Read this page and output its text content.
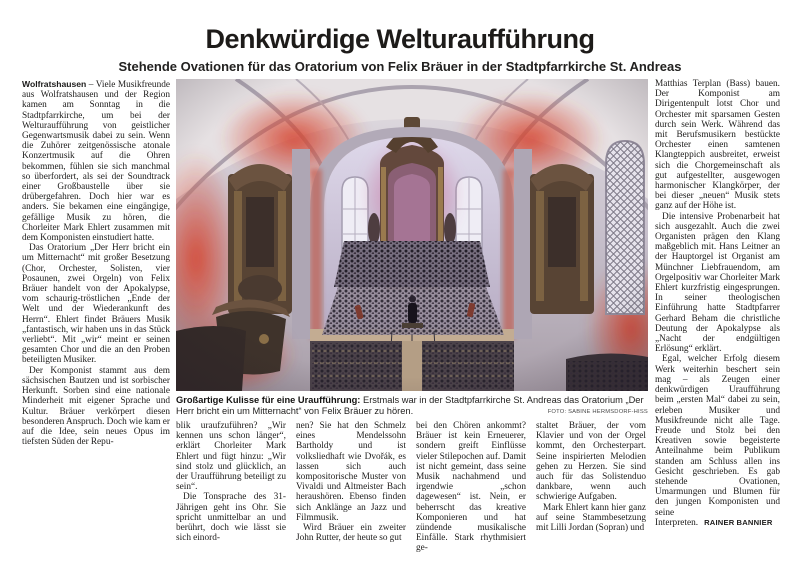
Denkwürdige Welturaufführung
Stehende Ovationen für das Oratorium von Felix Bräuer in der Stadtpfarrkirche St. Andreas

Wolfratshausen – Viele Musikfreunde aus Wolfratshausen und der Region kamen am Sonntag in die Stadtpfarrkirche, um bei der Welturaufführung von geistlicher Gegenwartsmusik dabei zu sein. Wenn die Zuhörer zeitgenössische atonale Konzertmusik auf die Ohren bekommen, fühlen sie sich manchmal so überfordert, als sei der Soundtrack einer Großbaustelle über sie drübergefahren. Doch hier war es anders. Sie bekamen eine eingängige, gefällige Musik zu hören, die Chorleiter Mark Ehlert zusammen mit dem Komponisten einstudiert hatte.

Das Oratorium „Der Herr bricht ein um Mitternacht“ mit großer Besetzung (Chor, Orchester, Solisten, vier Posaunen, zwei Orgeln) von Felix Bräuer handelt von der Apokalypse, vom schaurig-tröstlichen „Ende der Welt und der Wiederankunft des Herrn“. Ehlert findet Bräuers Musik „fantastisch, wir haben uns in das Stück verliebt“. Mit „wir“ meint er seinen gesamten Chor und die an den Proben beteiligten Musiker.

Der Komponist stammt aus dem sächsischen Bautzen und ist sorbischer Herkunft. Sorben sind eine nationale Minderheit mit eigener Sprache und Kultur. Bräuer verkörpert diesen besonderen Anspruch. Doch wie kam er auf die Idee, sein neues Opus im tiefsten Süden der Repu-

Großartige Kulisse für eine Uraufführung: Erstmals war in der Stadtpfarrkirche St. Andreas das Oratorium „Der Herr bricht ein um Mitternacht“ von Felix Bräuer zu hören.	FOTO: SABINE HERMSDORF-HISS

blik uraufzuführen? „Wir kennen uns schon länger“, erklärt Chorleiter Mark Ehlert und fügt hinzu: „Wir sind stolz und glücklich, an der Uraufführung beteiligt zu sein“.

Die Tonsprache des 31-Jährigen geht ins Ohr. Sie spricht unmittelbar an und berührt, doch wie lässt sie sich einord-

nen? Sie hat den Schmelz eines Mendelssohn Bartholdy und ist volksliedhaft wie Dvořák, es lassen sich auch kompositorische Muster von Vivaldi und Altmeister Bach heraushören. Ebenso finden sich Anklänge an Jazz und Filmmusik.

Wird Bräuer ein zweiter John Rutter, der heute so gut

bei den Chören ankommt? Bräuer ist kein Erneuerer, sondern greift Einflüsse vieler Stilepochen auf. Damit ist nicht gemeint, dass seine Musik nachahmend und irgendwie „schon dagewesen“ ist. Nein, er beherrscht das kreative Komponieren und hat zündende musikalische Einfälle. Stark rhythmisiert ge-

staltet Bräuer, der vom Klavier und von der Orgel kommt, den Orchesterpart. Seine inspirierten Melodien gehen zu Herzen. Sie sind auch für das Solistenduo dankbare, wenn auch schwierige Aufgaben.

Mark Ehlert kann hier ganz auf seine Stammbesetzung mit Lilli Jordan (Sopran) und

Matthias Terplan (Bass) bauen. Der Komponist am Dirigentenpult lotst Chor und Orchester mit sparsamen Gesten durch sein Werk. Während das mit Berufsmusikern bestückte Orchester einen samtenen Klangteppich ausbreitet, erweist sich die Chorgemeinschaft als gut aufgestellter, ausgewogen harmonischer Klangkörper, der bei dieser „neuen“ Musik stets ganz auf der Höhe ist.

Die intensive Probenarbeit hat sich ausgezahlt. Auch die zwei Organisten prägen den Klang maßgeblich mit. Hans Leitner an der Hauptorgel ist Organist am Münchner Liebfrauendom, am Orgelpositiv war Chorleiter Mark Ehlert kurzfristig eingesprungen. In seiner theologischen Einführung hatte Stadtpfarrer Gerhard Beham die christliche Deutung der Apokalypse als „Nacht der endgültigen Erlösung“ erklärt.

Egal, welcher Erfolg diesem Werk weiterhin beschert sein mag – als Zeugen einer denkwürdigen Uraufführung beim „ersten Mal“ dabei zu sein, erleben Musiker und Musikfreunde nicht alle Tage. Freude und Stolz bei den Kreativen sowie begeisterte Anteilnahme beim Publikum standen am Schluss allen ins Gesicht geschrieben. Es gab stehende Ovationen, Umarmungen und Blumen für den jungen Komponisten und seine Interpreten. RAINER BANNIER
